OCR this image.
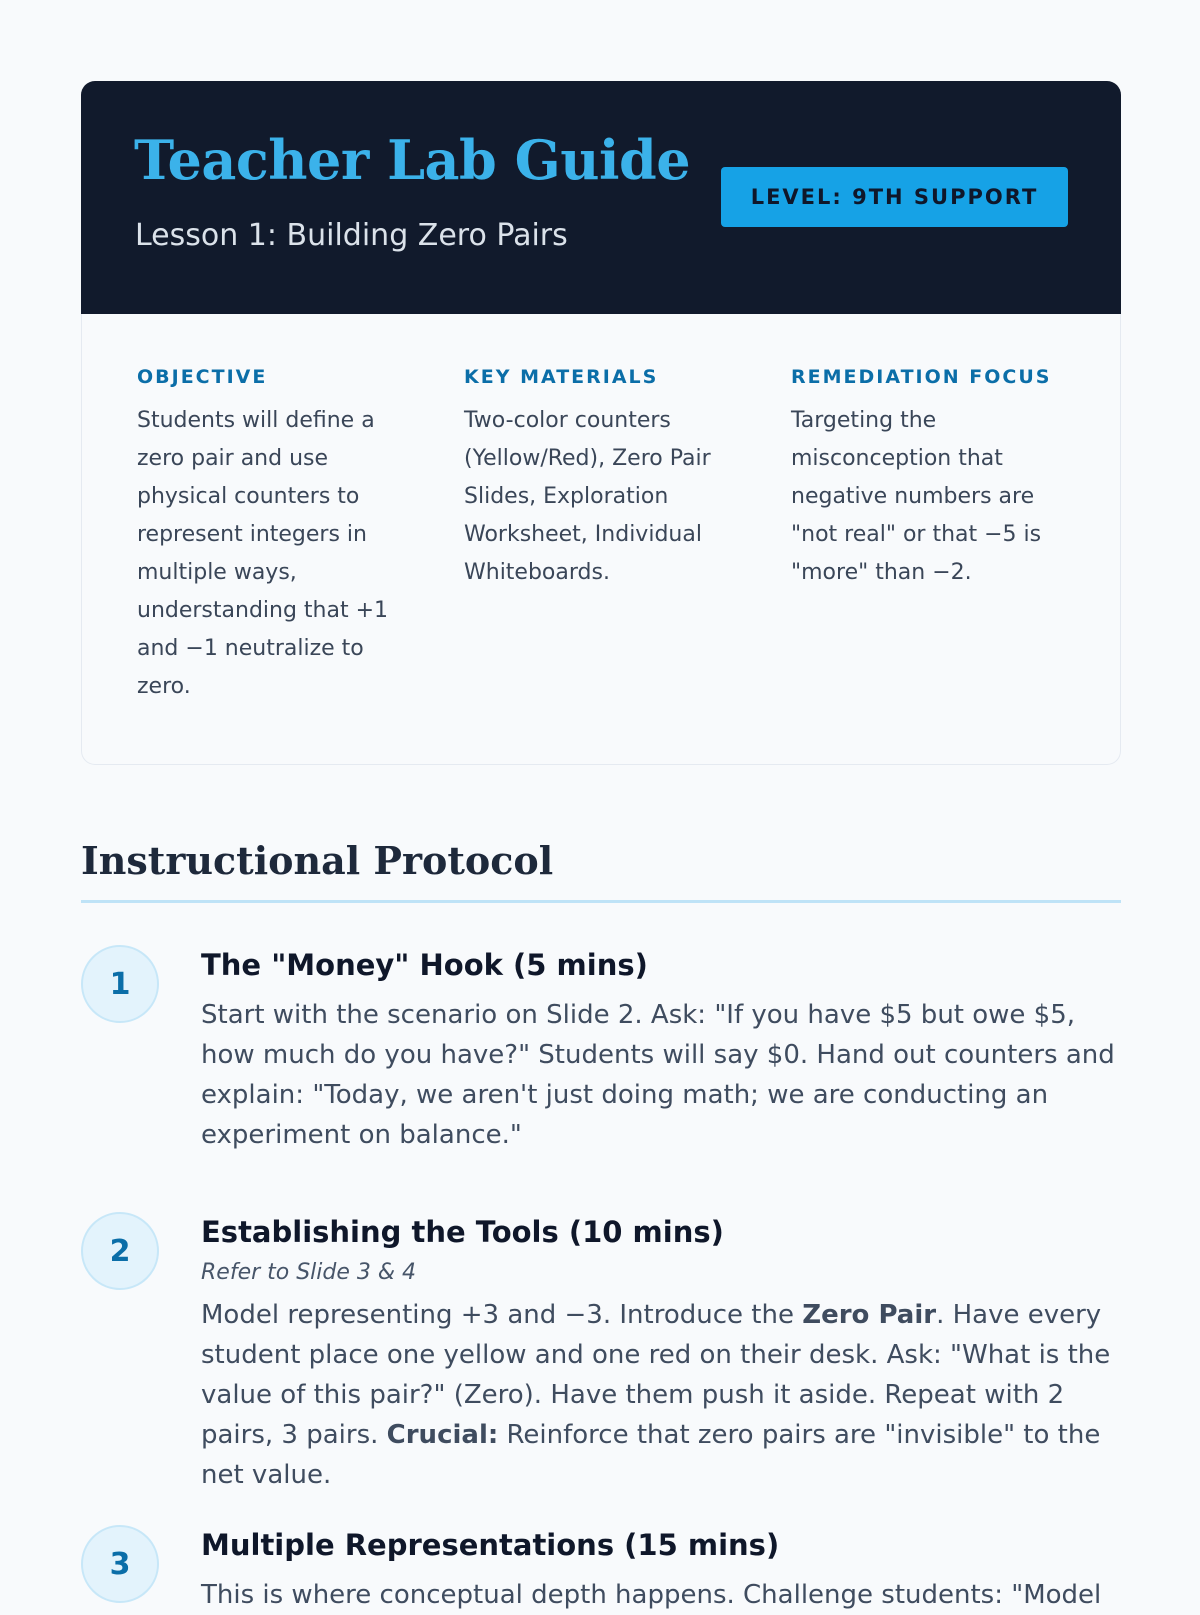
Teacher Lab Guide
Lesson 1: Building Zero Pairs
LEVEL: 9TH SUPPORT
OBJECTIVE

Students will define a zero pair and use physical counters to represent integers in multiple ways, understanding that +1 and −1 neutralize to zero.

KEY MATERIALS

Two-color counters (Yellow/Red), Zero Pair Slides, Exploration Worksheet, Individual Whiteboards.

REMEDIATION FOCUS

Targeting the misconception that negative numbers are "not real" or that −5 is "more" than −2.

Instructional Protocol
1
The "Money" Hook (5 mins)

Start with the scenario on Slide 2. Ask: "If you have $5 but owe $5, how much do you have?" Students will say $0. Hand out counters and explain: "Today, we aren't just doing math; we are conducting an experiment on balance."

2
Establishing the Tools (10 mins)

Refer to Slide 3 & 4

Model representing +3 and −3. Introduce the Zero Pair. Have every student place one yellow and one red on their desk. Ask: "What is the value of this pair?" (Zero). Have them push it aside. Repeat with 2 pairs, 3 pairs. Crucial: Reinforce that zero pairs are "invisible" to the net value.

3
Multiple Representations (15 mins)

This is where conceptual depth happens. Challenge students: "Model
